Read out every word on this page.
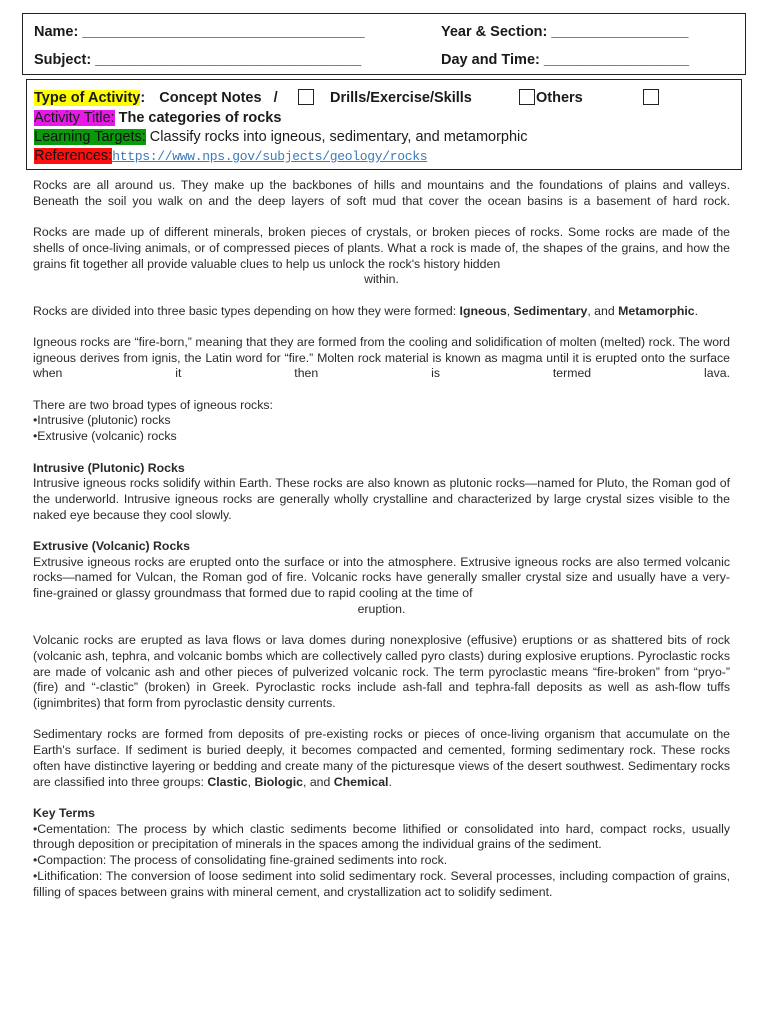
Name: ___________________________________	Year & Section: _________________
Subject: _________________________________	Day and Time: __________________
Type of Activity: Concept Notes /	Drills/Exercise/Skills	Others
Activity Title: The categories of rocks
Learning Targets: Classify rocks into igneous, sedimentary, and metamorphic
References:https://www.nps.gov/subjects/geology/rocks

Rocks are all around us. They make up the backbones of hills and mountains and the foundations of plains and valleys. Beneath the soil you walk on and the deep layers of soft mud that cover the ocean basins is a basement of hard rock.

Rocks are made up of different minerals, broken pieces of crystals, or broken pieces of rocks. Some rocks are made of the shells of once-living animals, or of compressed pieces of plants. What a rock is made of, the shapes of the grains, and how the grains fit together all provide valuable clues to help us unlock the rock's history hidden

within.

Rocks are divided into three basic types depending on how they were formed: Igneous, Sedimentary, and Metamorphic.

Igneous rocks are “fire-born,” meaning that they are formed from the cooling and solidification of molten (melted) rock. The word igneous derives from ignis, the Latin word for “fire.” Molten rock material is known as magma until it is erupted onto the surface when it then is termed lava.

There are two broad types of igneous rocks:

•Intrusive (plutonic) rocks

•Extrusive (volcanic) rocks

Intrusive (Plutonic) Rocks

Intrusive igneous rocks solidify within Earth. These rocks are also known as plutonic rocks—named for Pluto, the Roman god of the underworld. Intrusive igneous rocks are generally wholly crystalline and characterized by large crystal sizes visible to the naked eye because they cool slowly.

Extrusive (Volcanic) Rocks

Extrusive igneous rocks are erupted onto the surface or into the atmosphere. Extrusive igneous rocks are also termed volcanic rocks—named for Vulcan, the Roman god of fire. Volcanic rocks have generally smaller crystal size and usually have a very-fine-grained or glassy groundmass that formed due to rapid cooling at the time of

eruption.

Volcanic rocks are erupted as lava flows or lava domes during nonexplosive (effusive) eruptions or as shattered bits of rock (volcanic ash, tephra, and volcanic bombs which are collectively called pyro clasts) during explosive eruptions. Pyroclastic rocks are made of volcanic ash and other pieces of pulverized volcanic rock. The term pyroclastic means “fire-broken” from “pryo-” (fire) and “-clastic” (broken) in Greek. Pyroclastic rocks include ash-fall and tephra-fall deposits as well as ash-flow tuffs (ignimbrites) that form from pyroclastic density currents.

Sedimentary rocks are formed from deposits of pre-existing rocks or pieces of once-living organism that accumulate on the Earth's surface. If sediment is buried deeply, it becomes compacted and cemented, forming sedimentary rock. These rocks often have distinctive layering or bedding and create many of the picturesque views of the desert southwest. Sedimentary rocks are classified into three groups: Clastic, Biologic, and Chemical.

Key Terms

•Cementation: The process by which clastic sediments become lithified or consolidated into hard, compact rocks, usually through deposition or precipitation of minerals in the spaces among the individual grains of the sediment.

•Compaction: The process of consolidating fine-grained sediments into rock.

•Lithification: The conversion of loose sediment into solid sedimentary rock. Several processes, including compaction of grains, filling of spaces between grains with mineral cement, and crystallization act to solidify sediment.
